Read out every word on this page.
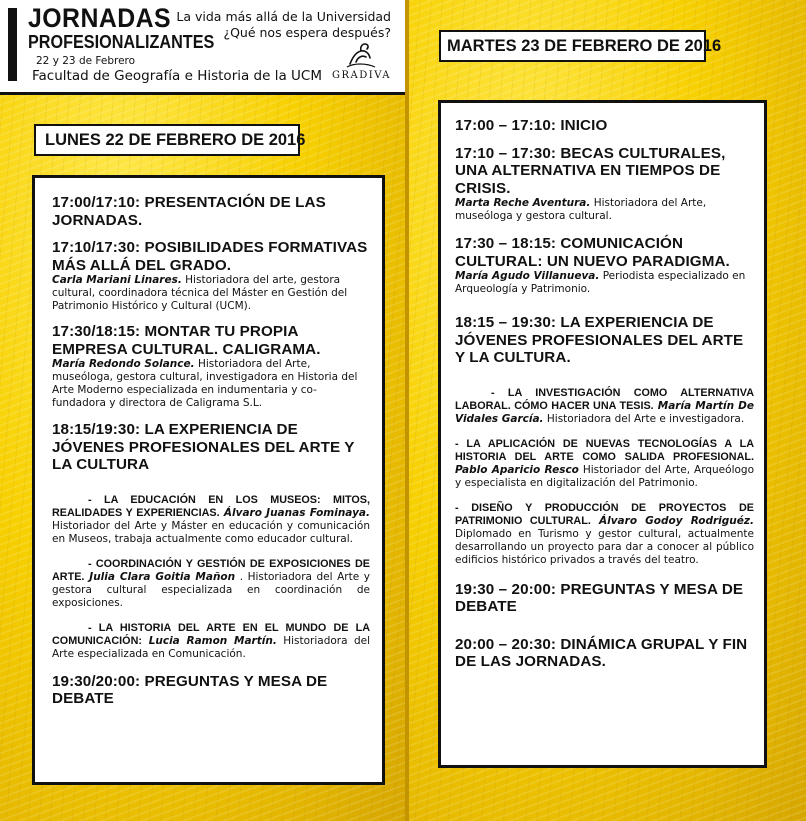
JORNADAS
PROFESIONALIZANTES
22 y 23 de Febrero
Facultad de Geografía e Historia de la UCM
La vida más allá de la Universidad
¿Qué nos espera después?
GRADIVA
LUNES 22 DE FEBRERO DE 2016
17:00/17:10: PRESENTACIÓN DE LAS JORNADAS.
17:10/17:30: POSIBILIDADES FORMATIVAS MÁS ALLÁ DEL GRADO.
Carla Mariani Linares. Historiadora del arte, gestora cultural, coordinadora técnica del Máster en Gestión del Patrimonio Histórico y Cultural (UCM).
17:30/18:15: MONTAR TU PROPIA EMPRESA CULTURAL. CALIGRAMA.
María Redondo Solance. Historiadora del Arte, museóloga, gestora cultural, investigadora en Historia del Arte Moderno especializada en indumentaria y co-fundadora y directora de Caligrama S.L.
18:15/19:30: LA EXPERIENCIA DE JÓVENES PROFESIONALES DEL ARTE Y LA CULTURA
- LA EDUCACIÓN EN LOS MUSEOS: MITOS, REALIDADES Y EXPERIENCIAS. Álvaro Juanas Fominaya. Historiador del Arte y Máster en educación y comunicación en Museos, trabaja actualmente como educador cultural.
- COORDINACIÓN Y GESTIÓN DE EXPOSICIONES DE ARTE. Julia Clara Goitia Mañon . Historiadora del Arte y gestora cultural especializada en coordinación de exposiciones.
- LA HISTORIA DEL ARTE EN EL MUNDO DE LA COMUNICACIÓN: Lucia Ramon Martín. Historiadora del Arte especializada en Comunicación.
19:30/20:00: PREGUNTAS Y MESA DE DEBATE
MARTES 23 DE FEBRERO DE 2016
17:00 – 17:10: INICIO
17:10 – 17:30: BECAS CULTURALES, UNA ALTERNATIVA EN TIEMPOS DE CRISIS.
Marta Reche Aventura. Historiadora del Arte, museóloga y gestora cultural.
17:30 – 18:15: COMUNICACIÓN CULTURAL: UN NUEVO PARADIGMA.
María Agudo Villanueva. Periodista especializado en Arqueología y Patrimonio.
18:15 – 19:30: LA EXPERIENCIA DE JÓVENES PROFESIONALES DEL ARTE Y LA CULTURA.
- LA INVESTIGACIÓN COMO ALTERNATIVA LABORAL. CÓMO HACER UNA TESIS. María Martín De Vidales García. Historiadora del Arte e investigadora.
- LA APLICACIÓN DE NUEVAS TECNOLOGÍAS A LA HISTORIA DEL ARTE COMO SALIDA PROFESIONAL. Pablo Aparicio Resco Historiador del Arte, Arqueólogo y especialista en digitalización del Patrimonio.
- DISEÑO Y PRODUCCIÓN DE PROYECTOS DE PATRIMONIO CULTURAL. Álvaro Godoy Rodriguéz. Diplomado en Turismo y gestor cultural, actualmente desarrollando un proyecto para dar a conocer al público edificios histórico privados a través del teatro.
19:30 – 20:00: PREGUNTAS Y MESA DE DEBATE
20:00 – 20:30: DINÁMICA GRUPAL Y FIN DE LAS JORNADAS.
